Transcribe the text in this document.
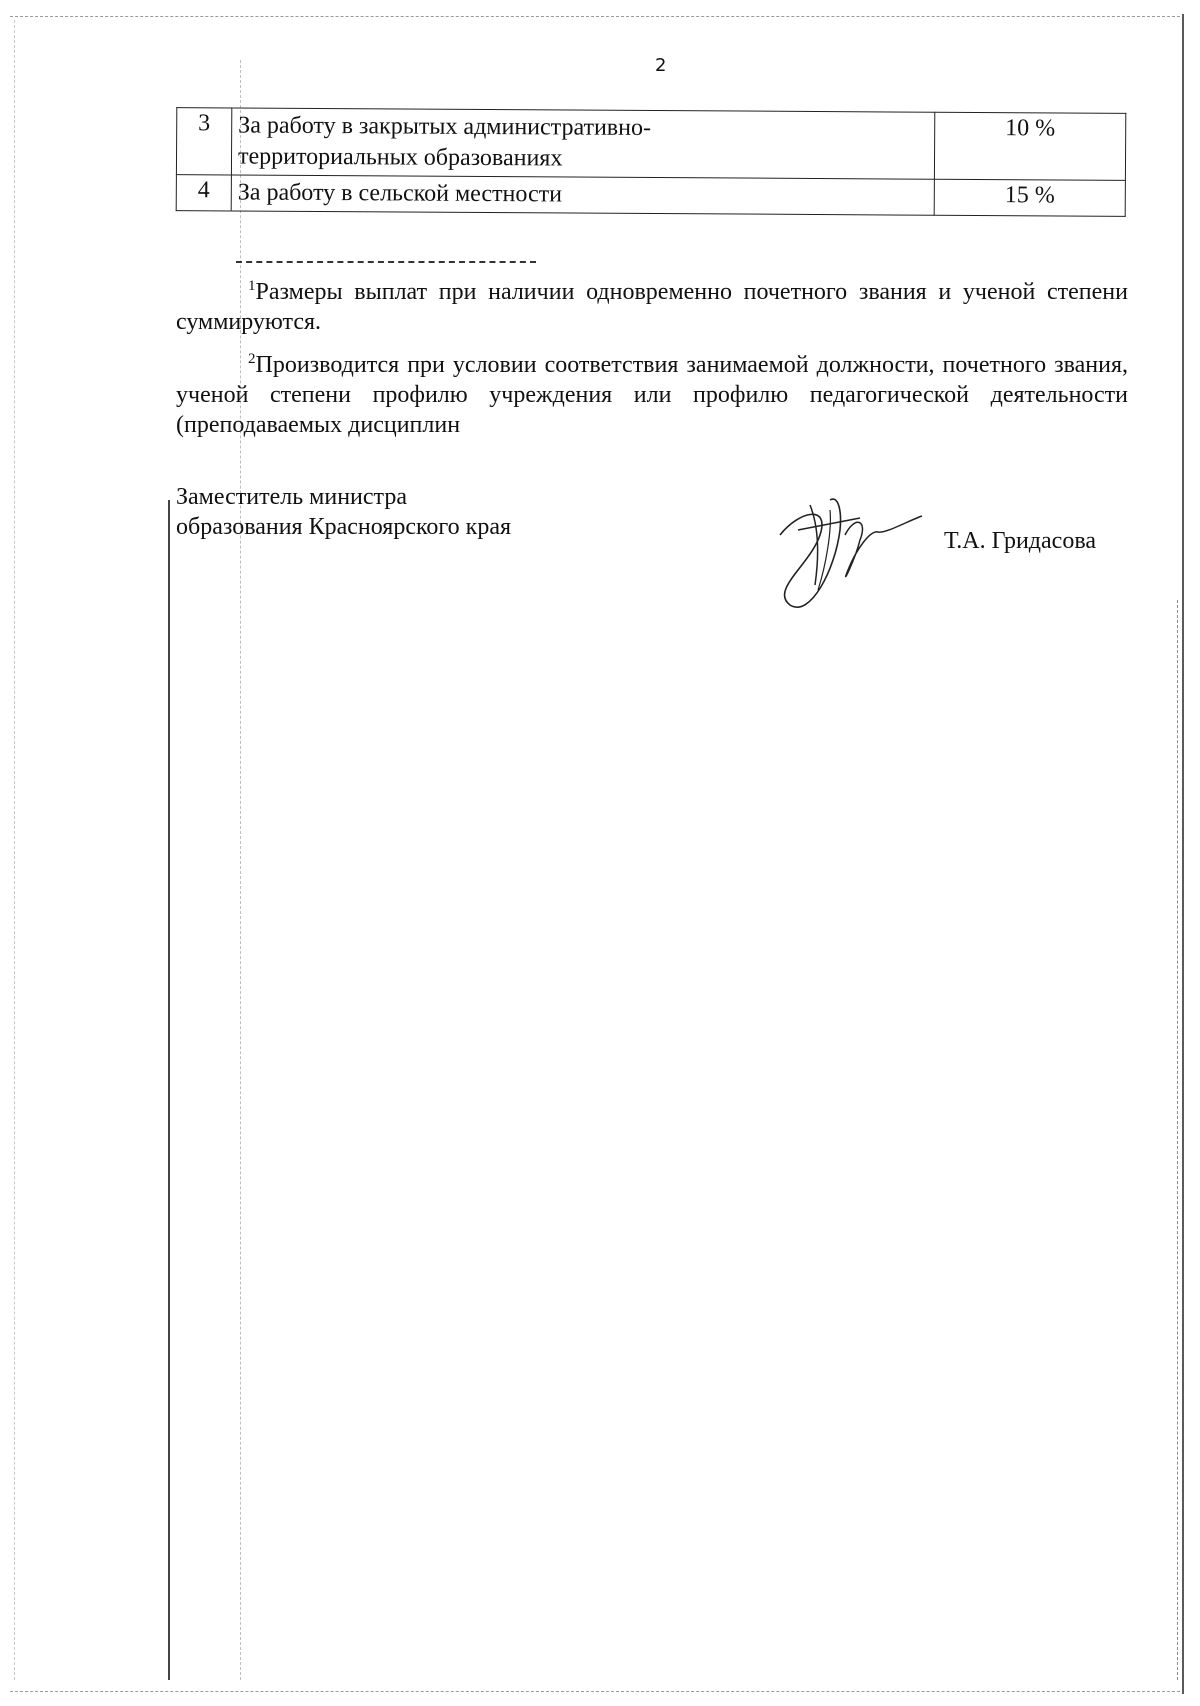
2
3	За работу в закрытых административно-
территориальных образованиях	10 %
4	За работу в сельской местности	15 %
$^1$Размеры выплат при наличии одновременно почетного звания и ученой степени суммируются.
$^2$Производится при условии соответствия занимаемой должности, почетного звания, ученой степени профилю учреждения или профилю педагогической деятельности (преподаваемых дисциплин
Заместитель министра
образования Красноярского края
Т.А. Гридасова
